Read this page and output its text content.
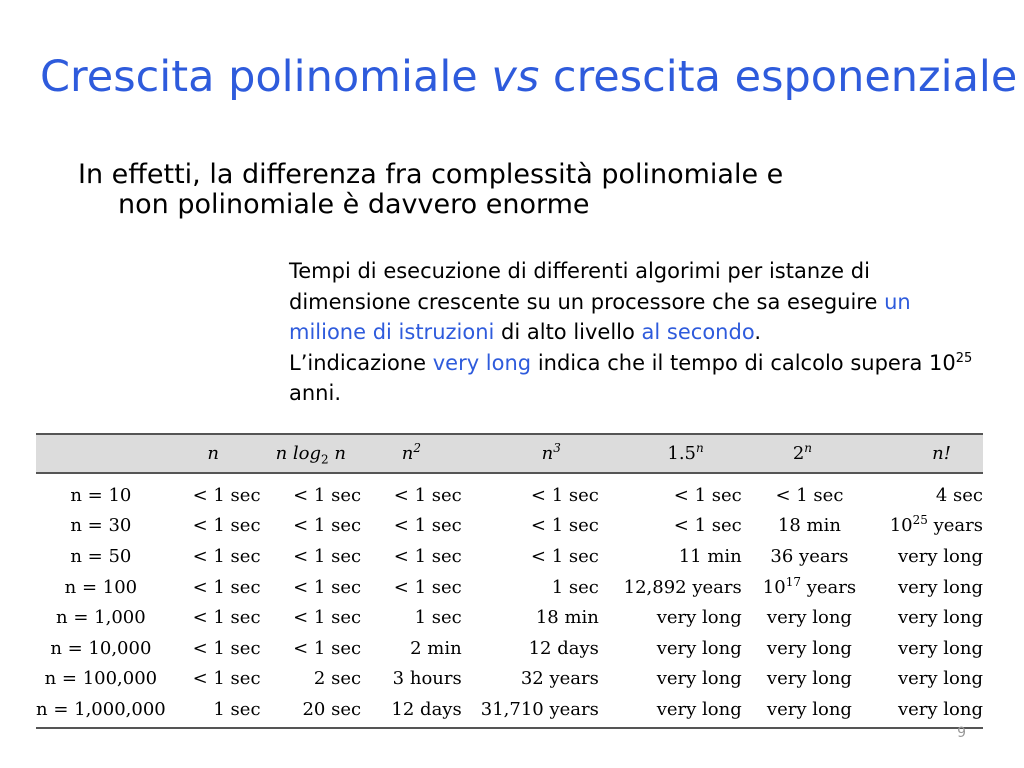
Crescita polinomiale vs crescita esponenziale
In effetti, la differenza fra complessità polinomiale e
non polinomiale è davvero enorme
Tempi di esecuzione di differenti algorimi per istanze di dimensione crescente su un processore che sa eseguire un milione di istruzioni di alto livello al secondo.
L’indicazione very long indica che il tempo di calcolo supera $10^{25}$ anni.
	n	n $\log_2 n$	$n^2$	$n^3$	1.5$^n$	2$^n$	n!
n = 10	< 1 sec	< 1 sec	< 1 sec	< 1 sec	< 1 sec	< 1 sec	4 sec
n = 30	< 1 sec	< 1 sec	< 1 sec	< 1 sec	< 1 sec	18 min	$10^{25}$ years
n = 50	< 1 sec	< 1 sec	< 1 sec	< 1 sec	11 min	36 years	very long
n = 100	< 1 sec	< 1 sec	< 1 sec	1 sec	12,892 years	$10^{17}$ years	very long
n = 1,000	< 1 sec	< 1 sec	1 sec	18 min	very long	very long	very long
n = 10,000	< 1 sec	< 1 sec	2 min	12 days	very long	very long	very long
n = 100,000	< 1 sec	2 sec	3 hours	32 years	very long	very long	very long
n = 1,000,000	1 sec	20 sec	12 days	31,710 years	very long	very long	very long
9
